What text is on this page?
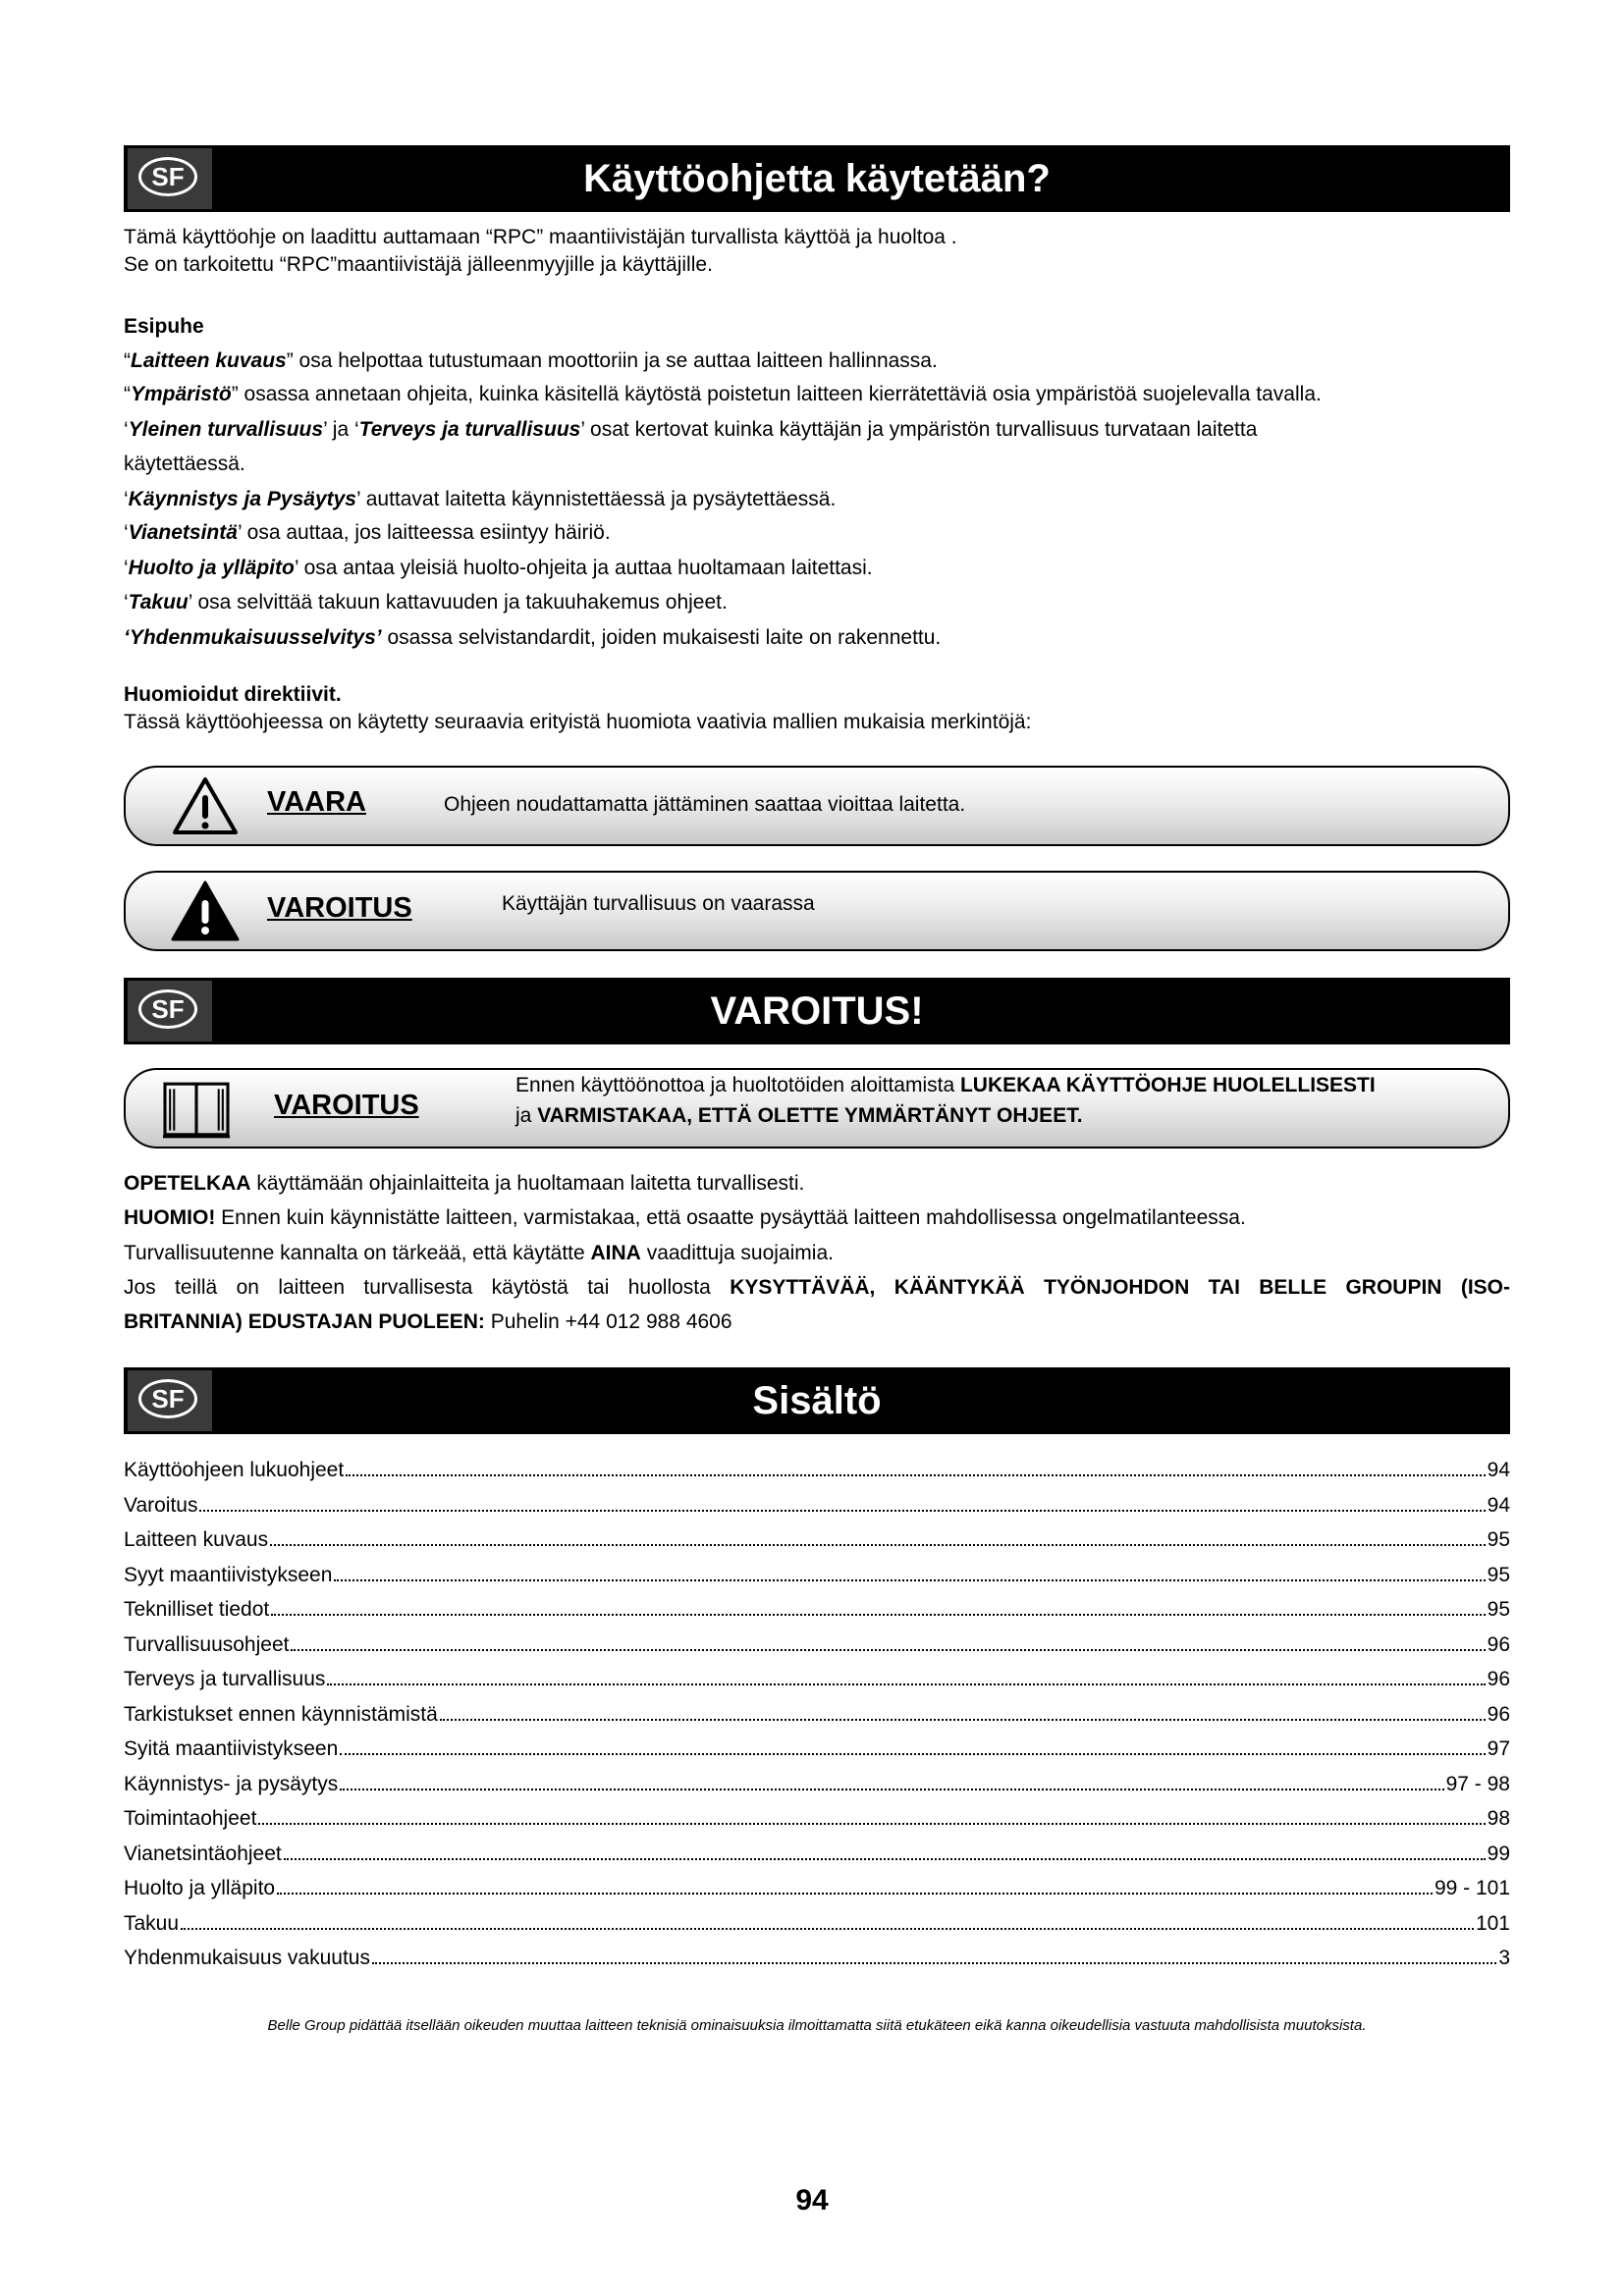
SF	Käyttöohjetta käytetään?
Tämä käyttöohje on laadittu auttamaan “RPC” maantiivistäjän turvallista käyttöä ja huoltoa .
Se on tarkoitettu “RPC”maantiivistäjä jälleenmyyjille ja käyttäjille.
Esipuhe
“Laitteen kuvaus” osa helpottaa tutustumaan moottoriin ja se auttaa laitteen hallinnassa.
“Ympäristö” osassa annetaan ohjeita, kuinka käsitellä käytöstä poistetun laitteen kierrätettäviä osia ympäristöä suojelevalla tavalla.
‘Yleinen turvallisuus’ ja ‘Terveys ja turvallisuus’ osat kertovat kuinka käyttäjän ja ympäristön turvallisuus turvataan laitetta
käytettäessä.
‘Käynnistys ja Pysäytys’ auttavat laitetta käynnistettäessä ja pysäytettäessä.
‘Vianetsintä’ osa auttaa, jos laitteessa esiintyy häiriö.
‘Huolto ja ylläpito’ osa antaa yleisiä huolto-ohjeita ja auttaa huoltamaan laitettasi.
‘Takuu’ osa selvittää takuun kattavuuden ja takuuhakemus ohjeet.
‘Yhdenmukaisuusselvitys’ osassa selvistandardit, joiden mukaisesti laite on rakennettu.
Huomioidut direktiivit.
Tässä käyttöohjeessa on käytetty seuraavia erityistä huomiota vaativia mallien mukaisia merkintöjä:
VAARA	Ohjeen noudattamatta jättäminen saattaa vioittaa laitetta.
VAROITUS	Käyttäjän turvallisuus on vaarassa
SF	VAROITUS!
VAROITUS
Ennen käyttöönottoa ja huoltotöiden aloittamista LUKEKAA KÄYTTÖOHJE HUOLELLISESTI
ja VARMISTAKAA, ETTÄ OLETTE YMMÄRTÄNYT OHJEET.
OPETELKAA käyttämään ohjainlaitteita ja huoltamaan laitetta turvallisesti.
HUOMIO! Ennen kuin käynnistätte laitteen, varmistakaa, että osaatte pysäyttää laitteen mahdollisessa ongelmatilanteessa.
Turvallisuutenne kannalta on tärkeää, että käytätte AINA vaadittuja suojaimia.
Jos teillä on laitteen turvallisesta käytöstä tai huollosta KYSYTTÄVÄÄ, KÄÄNTYKÄÄ TYÖNJOHDON TAI BELLE GROUPIN (ISO-
BRITANNIA) EDUSTAJAN PUOLEEN: Puhelin +44 012 988 4606
SF	Sisältö
Käyttöohjeen lukuohjeet	94
Varoitus	94
Laitteen kuvaus	95
Syyt maantiivistykseen	95
Teknilliset tiedot	95
Turvallisuusohjeet	96
Terveys ja turvallisuus	96
Tarkistukset ennen käynnistämistä	96
Syitä maantiivistykseen	97
Käynnistys- ja pysäytys	97 - 98
Toimintaohjeet	98
Vianetsintäohjeet	99
Huolto ja ylläpito	99 - 101
Takuu	101
Yhdenmukaisuus vakuutus	3
Belle Group pidättää itsellään oikeuden muuttaa laitteen teknisiä ominaisuuksia ilmoittamatta siitä etukäteen eikä kanna oikeudellisia vastuuta mahdollisista muutoksista.
94
